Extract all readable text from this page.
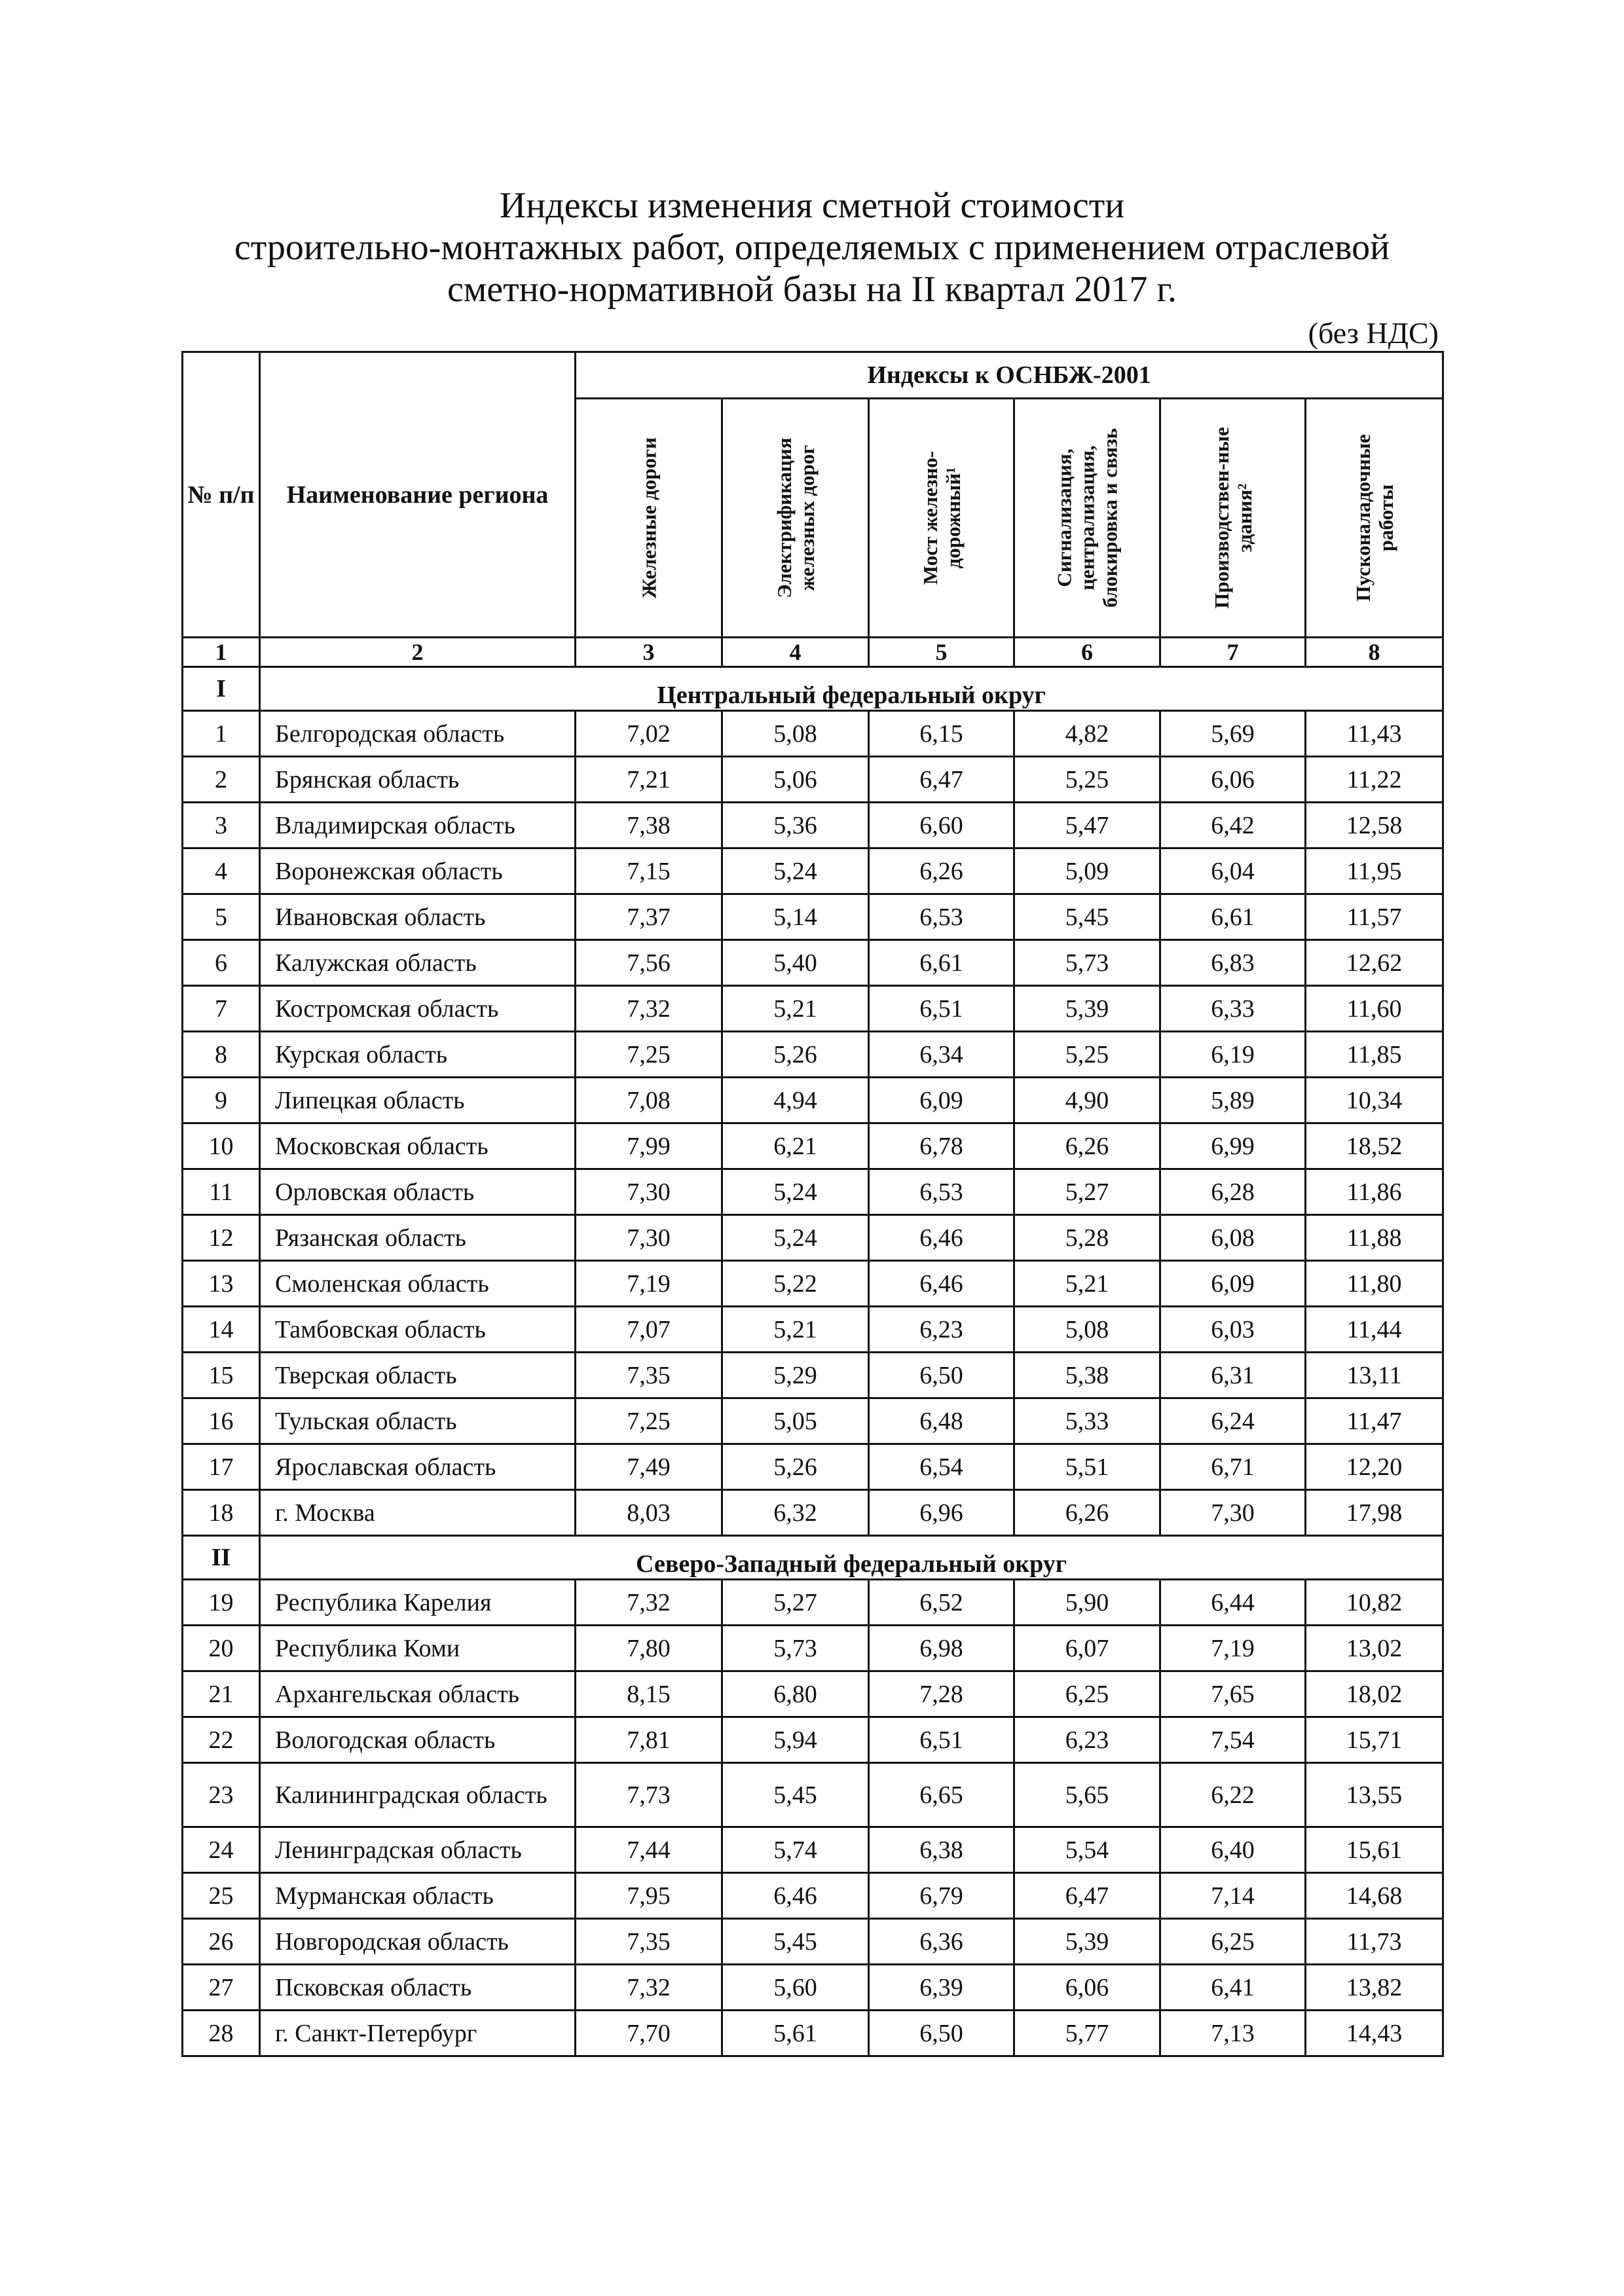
Индексы изменения сметной стоимости
строительно-монтажных работ, определяемых с применением отраслевой
сметно-нормативной базы на II квартал 2017 г.
(без НДС)
№ п/п	Наименование региона	Индексы к ОСНБЖ-2001					

		Железные дороги	Электрификация железных дорог	Мост железно-дорожный¹	Сигнализация, централизация, блокировка и связь	Производствен-ные здания²	Пусконаладочные работы

1	2	3	4	5	6	7	8
I	Центральный федеральный округ						
1	Белгородская область	7,02	5,08	6,15	4,82	5,69	11,43
2	Брянская область	7,21	5,06	6,47	5,25	6,06	11,22
3	Владимирская область	7,38	5,36	6,60	5,47	6,42	12,58
4	Воронежская область	7,15	5,24	6,26	5,09	6,04	11,95
5	Ивановская область	7,37	5,14	6,53	5,45	6,61	11,57
6	Калужская область	7,56	5,40	6,61	5,73	6,83	12,62
7	Костромская область	7,32	5,21	6,51	5,39	6,33	11,60
8	Курская область	7,25	5,26	6,34	5,25	6,19	11,85
9	Липецкая область	7,08	4,94	6,09	4,90	5,89	10,34
10	Московская область	7,99	6,21	6,78	6,26	6,99	18,52
11	Орловская область	7,30	5,24	6,53	5,27	6,28	11,86
12	Рязанская область	7,30	5,24	6,46	5,28	6,08	11,88
13	Смоленская область	7,19	5,22	6,46	5,21	6,09	11,80
14	Тамбовская область	7,07	5,21	6,23	5,08	6,03	11,44
15	Тверская область	7,35	5,29	6,50	5,38	6,31	13,11
16	Тульская область	7,25	5,05	6,48	5,33	6,24	11,47
17	Ярославская область	7,49	5,26	6,54	5,51	6,71	12,20
18	г. Москва	8,03	6,32	6,96	6,26	7,30	17,98
II	Северо-Западный федеральный округ						
19	Республика Карелия	7,32	5,27	6,52	5,90	6,44	10,82
20	Республика Коми	7,80	5,73	6,98	6,07	7,19	13,02
21	Архангельская область	8,15	6,80	7,28	6,25	7,65	18,02
22	Вологодская область	7,81	5,94	6,51	6,23	7,54	15,71
23	Калининградская область	7,73	5,45	6,65	5,65	6,22	13,55
24	Ленинградская область	7,44	5,74	6,38	5,54	6,40	15,61
25	Мурманская область	7,95	6,46	6,79	6,47	7,14	14,68
26	Новгородская область	7,35	5,45	6,36	5,39	6,25	11,73
27	Псковская область	7,32	5,60	6,39	6,06	6,41	13,82
28	г. Санкт-Петербург	7,70	5,61	6,50	5,77	7,13	14,43
